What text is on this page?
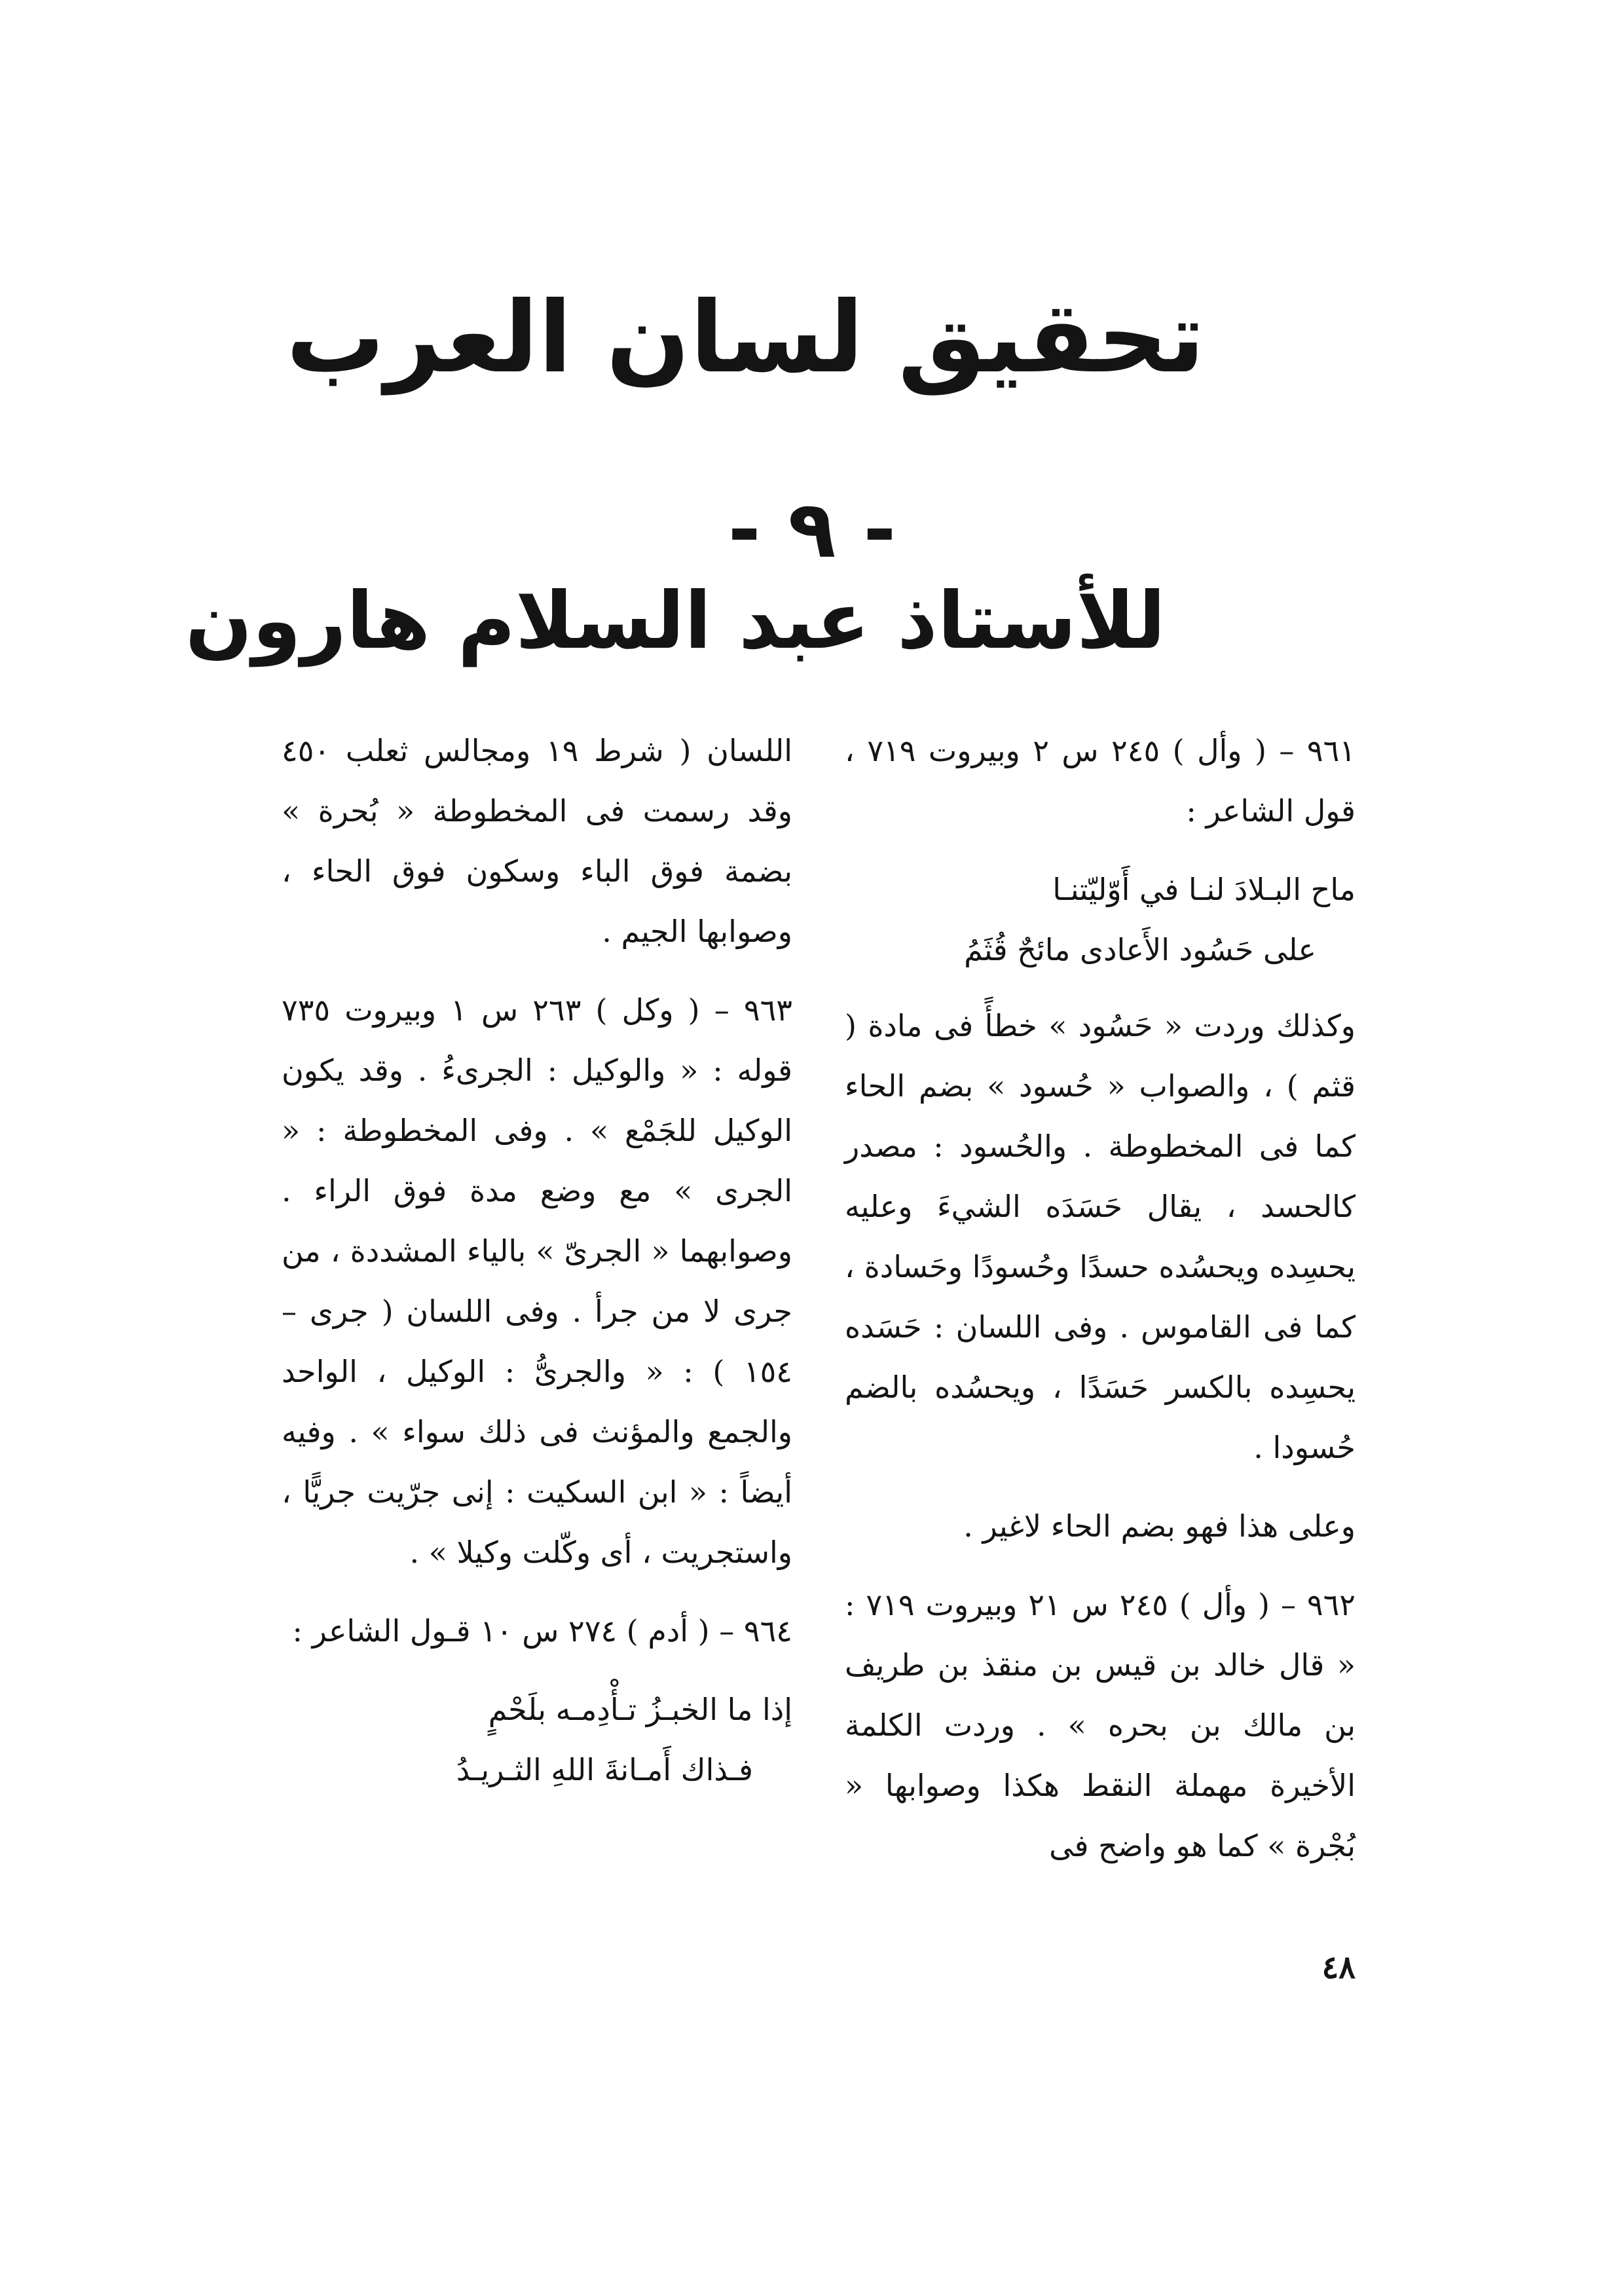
تحقيق لسان العرب
- ٩ -
للأستاذ عبد السلام هارون

٩٦١ – ( وأل ) ٢٤٥ س ٢ وبيروت ٧١٩ ، قول الشاعر :

ماح البـلادَ لنـا في أَوّليّتنـا
على حَسُود الأَعادى مائحٌ قُثَمُ

وكذلك وردت « حَسُود » خطأً فى مادة ( قثم ) ، والصواب « حُسود » بضم الحاء كما فى المخطوطة . والحُسود : مصدر كالحسد ، يقال حَسَدَه الشيءَ وعليه يحسِده ويحسُده حسدًا وحُسودًا وحَسادة ، كما فى القاموس . وفى اللسان : حَسَده يحسِده بالكسر حَسَدًا ، ويحسُده بالضم حُسودا .

وعلى هذا فهو بضم الحاء لاغير .

٩٦٢ – ( وأل ) ٢٤٥ س ٢١ وبيروت ٧١٩ : « قال خالد بن قيس بن منقذ بن طريف بن مالك بن بحره » . وردت الكلمة الأخيرة مهملة النقط هكذا وصوابها « بُجْرة » كما هو واضح فى

اللسان ( شرط ١٩ ومجالس ثعلب ٤٥٠ وقد رسمت فى المخطوطة « بُحرة » بضمة فوق الباء وسكون فوق الحاء ، وصوابها الجيم .

٩٦٣ – ( وكل ) ٢٦٣ س ١ وبيروت ٧٣٥ قوله : « والوكيل : الجرىءُ . وقد يكون الوكيل للجَمْع » . وفى المخطوطة : « الجرى » مع وضع مدة فوق الراء . وصوابهما « الجرىّ » بالياء المشددة ، من جرى لا من جرأ . وفى اللسان ( جرى – ١٥٤ ) : « والجرىُّ : الوكيل ، الواحد والجمع والمؤنث فى ذلك سواء » . وفيه أيضاً : « ابن السكيت : إنى جرّيت جريًّا ، واستجريت ، أى وكّلت وكيلا » .

٩٦٤ – ( أدم ) ٢٧٤ س ١٠ قـول الشاعر :

إذا ما الخبـزُ تـأْدِمـه بلَحْمٍ
فـذاك أَمـانةَ اللهِ الثـريـدُ
٤٨
